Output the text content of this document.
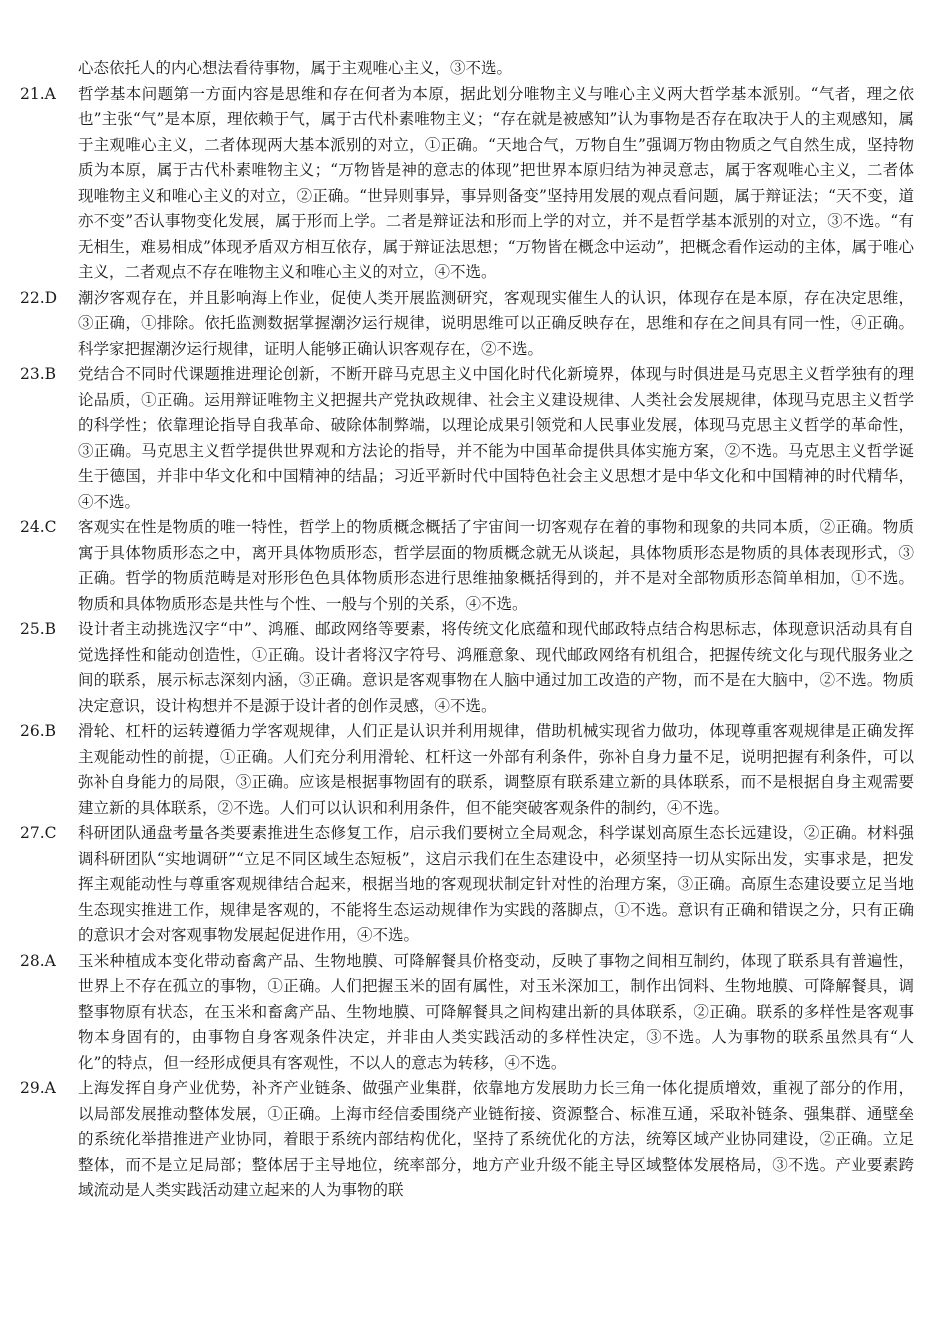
心态依托人的内心想法看待事物，属于主观唯心主义，③不选。
21.A	哲学基本问题第一方面内容是思维和存在何者为本原，据此划分唯物主义与唯心主义两大哲学基本派别。“气者，理之依也”主张“气”是本原，理依赖于气，属于古代朴素唯物主义；“存在就是被感知”认为事物是否存在取决于人的主观感知，属于主观唯心主义，二者体现两大基本派别的对立，①正确。“天地合气，万物自生”强调万物由物质之气自然生成，坚持物质为本原，属于古代朴素唯物主义；“万物皆是神的意志的体现”把世界本原归结为神灵意志，属于客观唯心主义，二者体现唯物主义和唯心主义的对立，②正确。“世异则事异，事异则备变”坚持用发展的观点看问题，属于辩证法；“天不变，道亦不变”否认事物变化发展，属于形而上学。二者是辩证法和形而上学的对立，并不是哲学基本派别的对立，③不选。“有无相生，难易相成”体现矛盾双方相互依存，属于辩证法思想；“万物皆在概念中运动”，把概念看作运动的主体，属于唯心主义，二者观点不存在唯物主义和唯心主义的对立，④不选。
22.D	潮汐客观存在，并且影响海上作业，促使人类开展监测研究，客观现实催生人的认识，体现存在是本原，存在决定思维，③正确，①排除。依托监测数据掌握潮汐运行规律，说明思维可以正确反映存在，思维和存在之间具有同一性，④正确。科学家把握潮汐运行规律，证明人能够正确认识客观存在，②不选。
23.B	党结合不同时代课题推进理论创新，不断开辟马克思主义中国化时代化新境界，体现与时俱进是马克思主义哲学独有的理论品质，①正确。运用辩证唯物主义把握共产党执政规律、社会主义建设规律、人类社会发展规律，体现马克思主义哲学的科学性；依靠理论指导自我革命、破除体制弊端，以理论成果引领党和人民事业发展，体现马克思主义哲学的革命性，③正确。马克思主义哲学提供世界观和方法论的指导，并不能为中国革命提供具体实施方案，②不选。马克思主义哲学诞生于德国，并非中华文化和中国精神的结晶；习近平新时代中国特色社会主义思想才是中华文化和中国精神的时代精华，④不选。
24.C	客观实在性是物质的唯一特性，哲学上的物质概念概括了宇宙间一切客观存在着的事物和现象的共同本质，②正确。物质寓于具体物质形态之中，离开具体物质形态，哲学层面的物质概念就无从谈起，具体物质形态是物质的具体表现形式，③正确。哲学的物质范畴是对形形色色具体物质形态进行思维抽象概括得到的，并不是对全部物质形态简单相加，①不选。物质和具体物质形态是共性与个性、一般与个别的关系，④不选。
25.B	设计者主动挑选汉字“中”、鸿雁、邮政网络等要素，将传统文化底蕴和现代邮政特点结合构思标志，体现意识活动具有自觉选择性和能动创造性，①正确。设计者将汉字符号、鸿雁意象、现代邮政网络有机组合，把握传统文化与现代服务业之间的联系，展示标志深刻内涵，③正确。意识是客观事物在人脑中通过加工改造的产物，而不是在大脑中，②不选。物质决定意识，设计构想并不是源于设计者的创作灵感，④不选。
26.B	滑轮、杠杆的运转遵循力学客观规律，人们正是认识并利用规律，借助机械实现省力做功，体现尊重客观规律是正确发挥主观能动性的前提，①正确。人们充分利用滑轮、杠杆这一外部有利条件，弥补自身力量不足，说明把握有利条件，可以弥补自身能力的局限，③正确。应该是根据事物固有的联系，调整原有联系建立新的具体联系，而不是根据自身主观需要建立新的具体联系，②不选。人们可以认识和利用条件，但不能突破客观条件的制约，④不选。
27.C	科研团队通盘考量各类要素推进生态修复工作，启示我们要树立全局观念，科学谋划高原生态长远建设，②正确。材料强调科研团队“实地调研”“立足不同区域生态短板”，这启示我们在生态建设中，必须坚持一切从实际出发，实事求是，把发挥主观能动性与尊重客观规律结合起来，根据当地的客观现状制定针对性的治理方案，③正确。高原生态建设要立足当地生态现实推进工作，规律是客观的，不能将生态运动规律作为实践的落脚点，①不选。意识有正确和错误之分，只有正确的意识才会对客观事物发展起促进作用，④不选。
28.A	玉米种植成本变化带动畜禽产品、生物地膜、可降解餐具价格变动，反映了事物之间相互制约，体现了联系具有普遍性，世界上不存在孤立的事物，①正确。人们把握玉米的固有属性，对玉米深加工，制作出饲料、生物地膜、可降解餐具，调整事物原有状态，在玉米和畜禽产品、生物地膜、可降解餐具之间构建出新的具体联系，②正确。联系的多样性是客观事物本身固有的，由事物自身客观条件决定，并非由人类实践活动的多样性决定，③不选。人为事物的联系虽然具有“人化”的特点，但一经形成便具有客观性，不以人的意志为转移，④不选。
29.A	上海发挥自身产业优势，补齐产业链条、做强产业集群，依靠地方发展助力长三角一体化提质增效，重视了部分的作用，以局部发展推动整体发展，①正确。上海市经信委围绕产业链衔接、资源整合、标准互通，采取补链条、强集群、通壁垒的系统化举措推进产业协同，着眼于系统内部结构优化，坚持了系统优化的方法，统筹区域产业协同建设，②正确。立足整体，而不是立足局部；整体居于主导地位，统率部分，地方产业升级不能主导区域整体发展格局，③不选。产业要素跨域流动是人类实践活动建立起来的人为事物的联
